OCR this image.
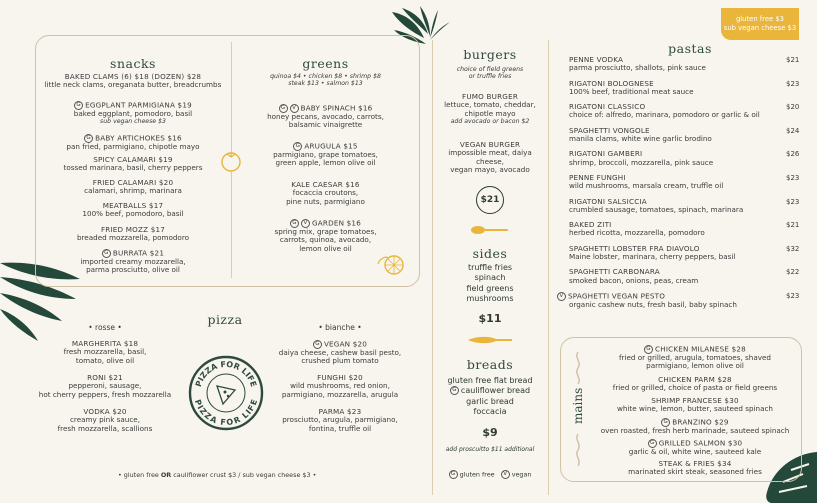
gluten free $3
sub vegan cheese $3
snacks
BAKED CLAMS (6) $18 (DOZEN) $28
little neck clams, oreganata butter, breadcrumbs
G EGGPLANT PARMIGIANA $19
baked eggplant, pomodoro, basil
sub vegan cheese $3
G BABY ARTICHOKES $16
pan fried, parmigiano, chipotle mayo
SPICY CALAMARI $19
tossed marinara, basil, cherry peppers
FRIED CALAMARI $20
calamari, shrimp, marinara
MEATBALLS $17
100% beef, pomodoro, basil
FRIED MOZZ $17
breaded mozzarella, pomodoro
G BURRATA $21
imported creamy mozzarella,
parma prosciutto, olive oil
greens
quinoa $4 • chicken $8 • shrimp $8
steak $13 • salmon $13
G V BABY SPINACH $16
honey pecans, avocado, carrots,
balsamic vinaigrette
G ARUGULA $15
parmigiano, grape tomatoes,
green apple, lemon olive oil
KALE CAESAR $16
focaccia croutons,
pine nuts, parmigiano
G V GARDEN $16
spring mix, grape tomatoes,
carrots, quinoa, avocado,
lemon olive oil
pizza
• rosse •	• bianche •
MARGHERITA $18
fresh mozzarella, basil,
tomato, olive oil
RONI $21
pepperoni, sausage,
hot cherry peppers, fresh mozzarella
VODKA $20
creamy pink sauce,
fresh mozzarella, scallions
G VEGAN $20
daiya cheese, cashew basil pesto,
crushed plum tomato
FUNGHI $20
wild mushrooms, red onion,
parmigiano, mozzarella, arugula
PARMA $23
prosciutto, arugula, parmigiano,
fontina, truffle oil
PIZZA FOR LIFE
PIZZA FOR LIFE
• gluten free OR cauliflower crust $3 / sub vegan cheese $3 •
burgers
choice of field greens
or truffle fries
FUMO BURGER
lettuce, tomato, cheddar,
chipotle mayo
add avocado or bacon $2
VEGAN BURGER
impossible meat, daiya cheese,
vegan mayo, avocado
$21
sides
truffle fries
spinach
field greens
mushrooms
$11
breads
gluten free flat bread
G cauliflower bread
garlic bread
foccacia
$9
add proscuitto $11 additional
G gluten free V vegan
pastas
PENNE VODKA
parma prosciutto, shallots, pink sauce
$21
RIGATONI BOLOGNESE
100% beef, traditional meat sauce
$23
RIGATONI CLASSICO
choice of: alfredo, marinara, pomodoro or garlic & oil
$20
SPAGHETTI VONGOLE
manila clams, white wine garlic brodino
$24
RIGATONI GAMBERI
shrimp, broccoli, mozzarella, pink sauce
$26
PENNE FUNGHI
wild mushrooms, marsala cream, truffle oil
$23
RIGATONI SALSICCIA
crumbled sausage, tomatoes, spinach, marinara
$23
BAKED ZITI
herbed ricotta, mozzarella, pomodoro
$21
SPAGHETTI LOBSTER FRA DIAVOLO
Maine lobster, marinara, cherry peppers, basil
$32
SPAGHETTI CARBONARA
smoked bacon, onions, peas, cream
$22
V SPAGHETTI VEGAN PESTO
organic cashew nuts, fresh basil, baby spinach
$23
mains
G CHICKEN MILANESE $28
fried or grilled, arugula, tomatoes, shaved
parmigiano, lemon olive oil
CHICKEN PARM $28
fried or grilled, choice of pasta or field greens
SHRIMP FRANCESE $30
white wine, lemon, butter, sauteed spinach
G BRANZINO $29
oven roasted, fresh herb marinade, sauteed spinach
G GRILLED SALMON $30
garlic & oil, white wine, sauteed kale
STEAK & FRIES $34
marinated skirt steak, seasoned fries
